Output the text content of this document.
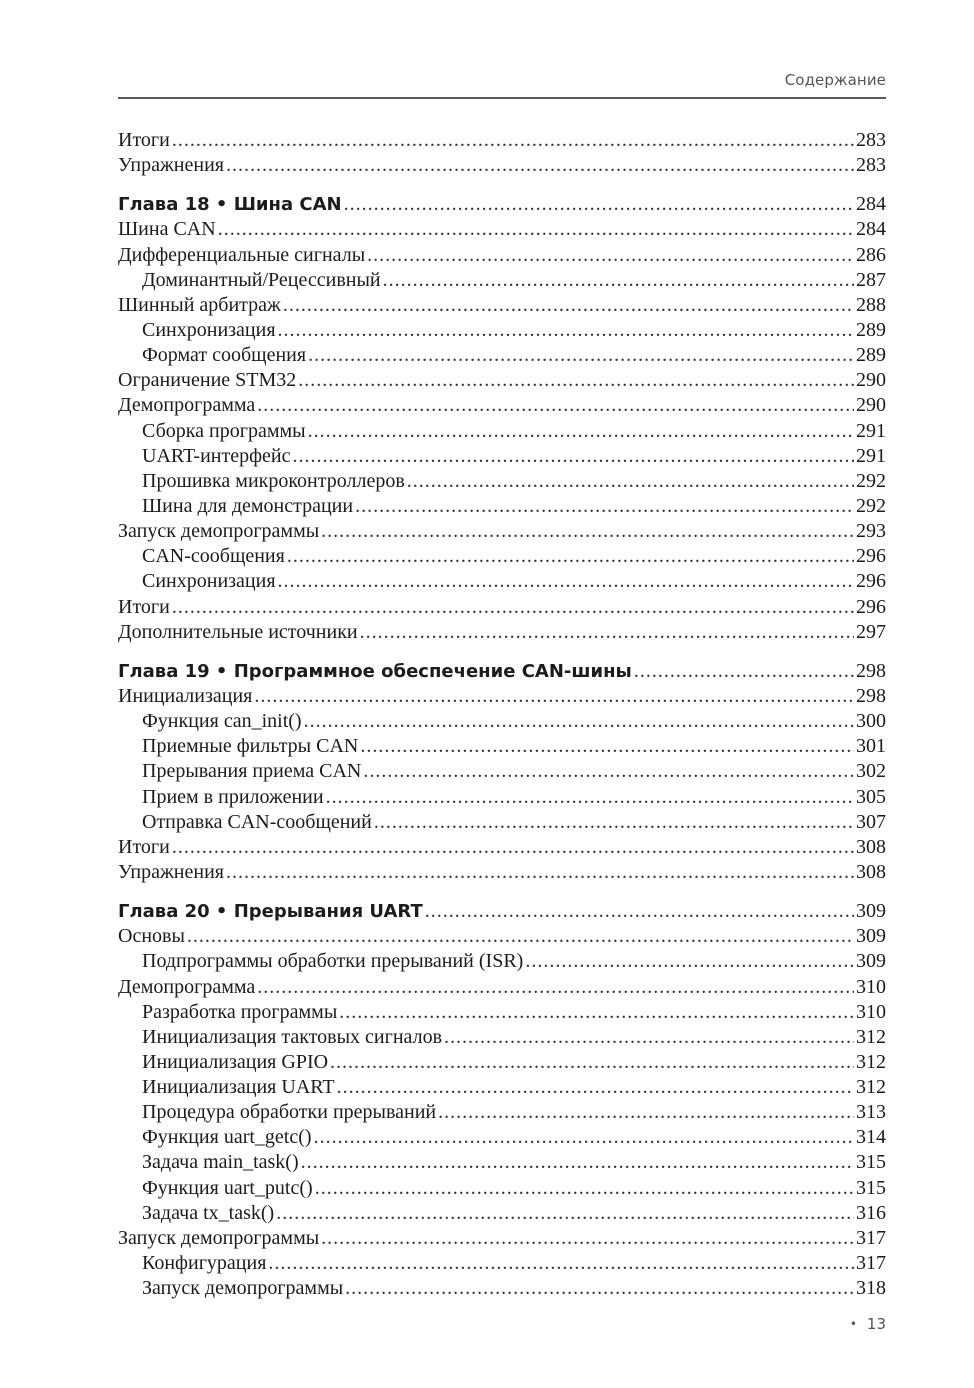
Содержание
Итоги .....	283
Упражнения .....	283
Глава 18 • Шина CAN .....	284
Шина CAN .....	284
Дифференциальные сигналы .....	286
Доминантный/Рецессивный .....	287
Шинный арбитраж .....	288
Синхронизация .....	289
Формат сообщения .....	289
Ограничение STM32 .....	290
Демопрограмма .....	290
Сборка программы .....	291
UART-интерфейс .....	291
Прошивка микроконтроллеров .....	292
Шина для демонстрации .....	292
Запуск демопрограммы .....	293
CAN-сообщения .....	296
Синхронизация .....	296
Итоги .....	296
Дополнительные источники .....	297
Глава 19 • Программное обеспечение CAN-шины .....	298
Инициализация .....	298
Функция can_init() .....	300
Приемные фильтры CAN .....	301
Прерывания приема CAN .....	302
Прием в приложении .....	305
Отправка CAN-сообщений .....	307
Итоги .....	308
Упражнения .....	308
Глава 20 • Прерывания UART .....	309
Основы .....	309
Подпрограммы обработки прерываний (ISR) .....	309
Демопрограмма .....	310
Разработка программы .....	310
Инициализация тактовых сигналов .....	312
Инициализация GPIO .....	312
Инициализация UART .....	312
Процедура обработки прерываний .....	313
Функция uart_getc() .....	314
Задача main_task() .....	315
Функция uart_putc() .....	315
Задача tx_task() .....	316
Запуск демопрограммы .....	317
Конфигурация .....	317
Запуск демопрограммы .....	318
• 13
